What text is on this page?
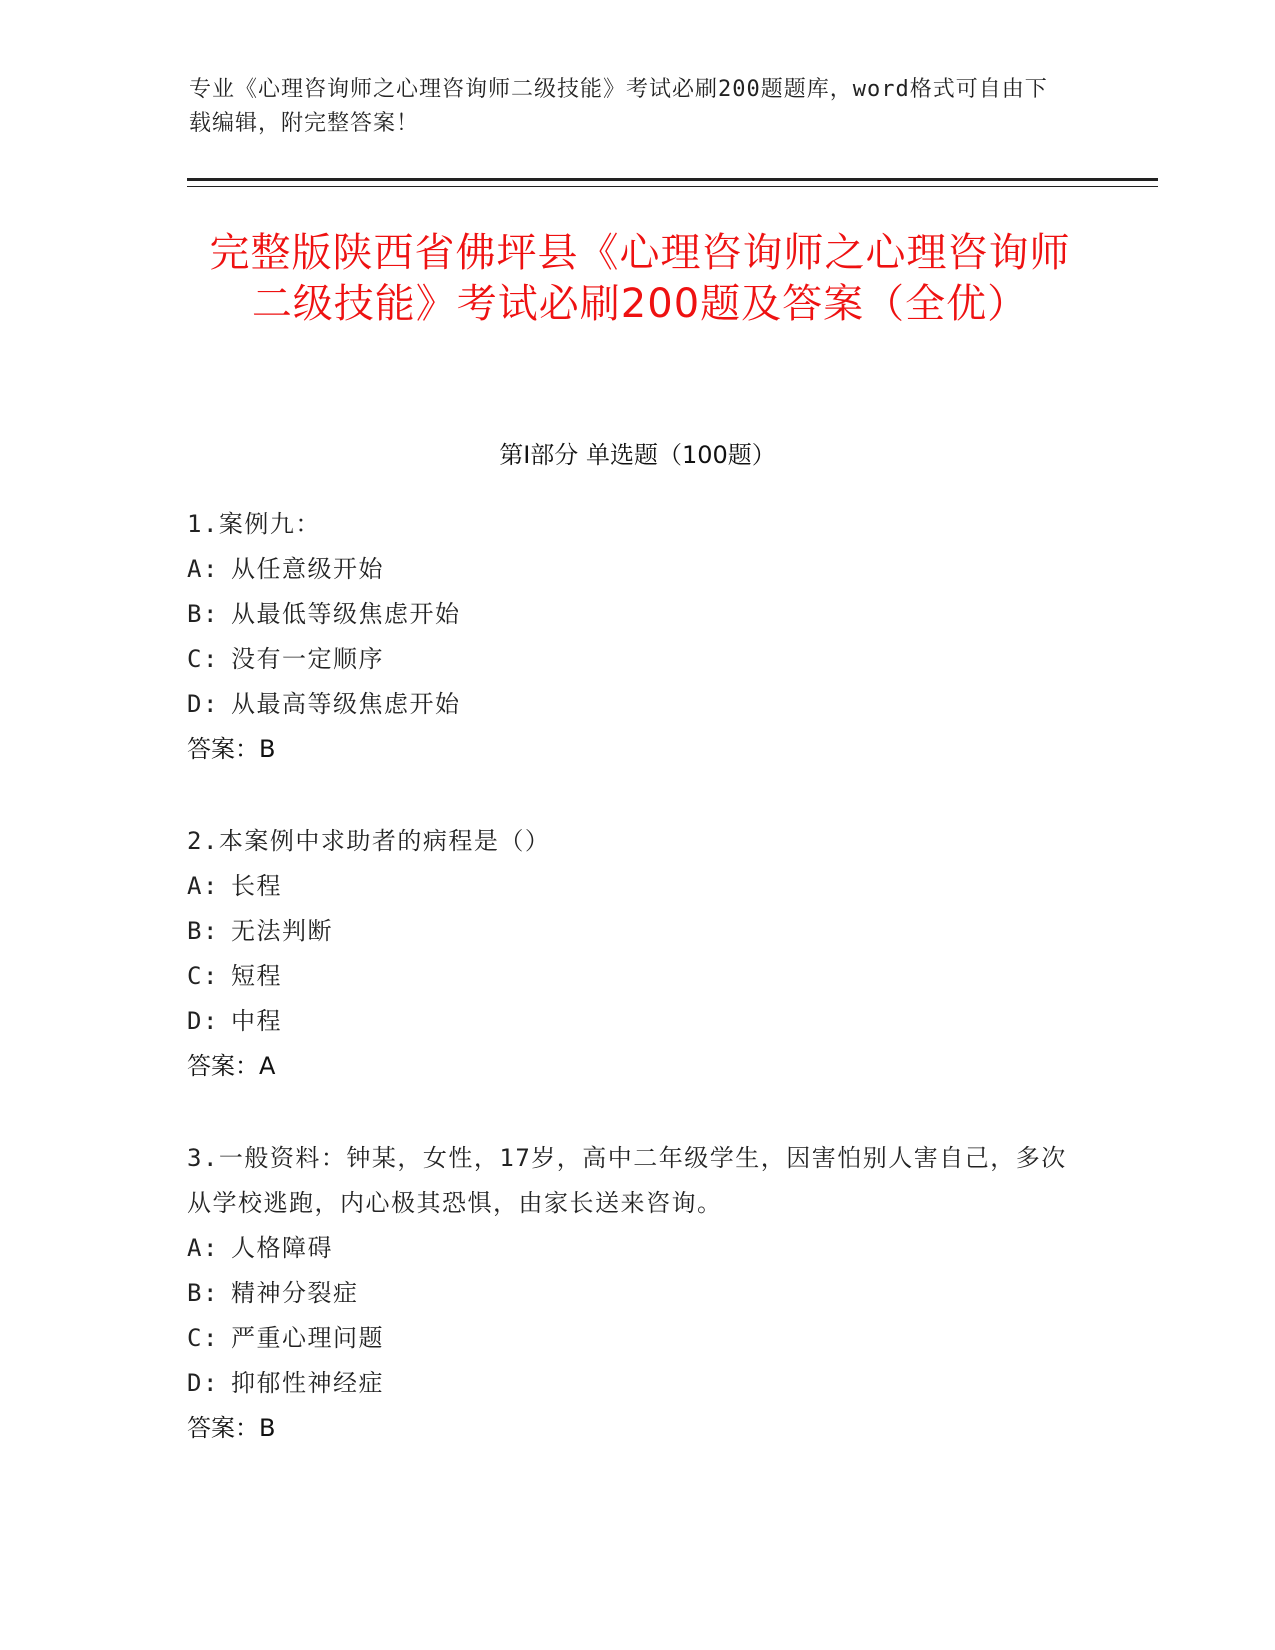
专业《心理咨询师之心理咨询师二级技能》考试必刷200题题库，word格式可自由下载编辑，附完整答案！
完整版陕西省佛坪县《心理咨询师之心理咨询师二级技能》考试必刷200题及答案（全优）
第I部分 单选题（100题）

1.案例九：

A: 从任意级开始

B: 从最低等级焦虑开始

C: 没有一定顺序

D: 从最高等级焦虑开始

答案：B

2.本案例中求助者的病程是（）

A: 长程

B: 无法判断

C: 短程

D: 中程

答案：A

3.一般资料：钟某，女性，17岁，高中二年级学生，因害怕别人害自己，多次从学校逃跑，内心极其恐惧，由家长送来咨询。

A: 人格障碍

B: 精神分裂症

C: 严重心理问题

D: 抑郁性神经症

答案：B
